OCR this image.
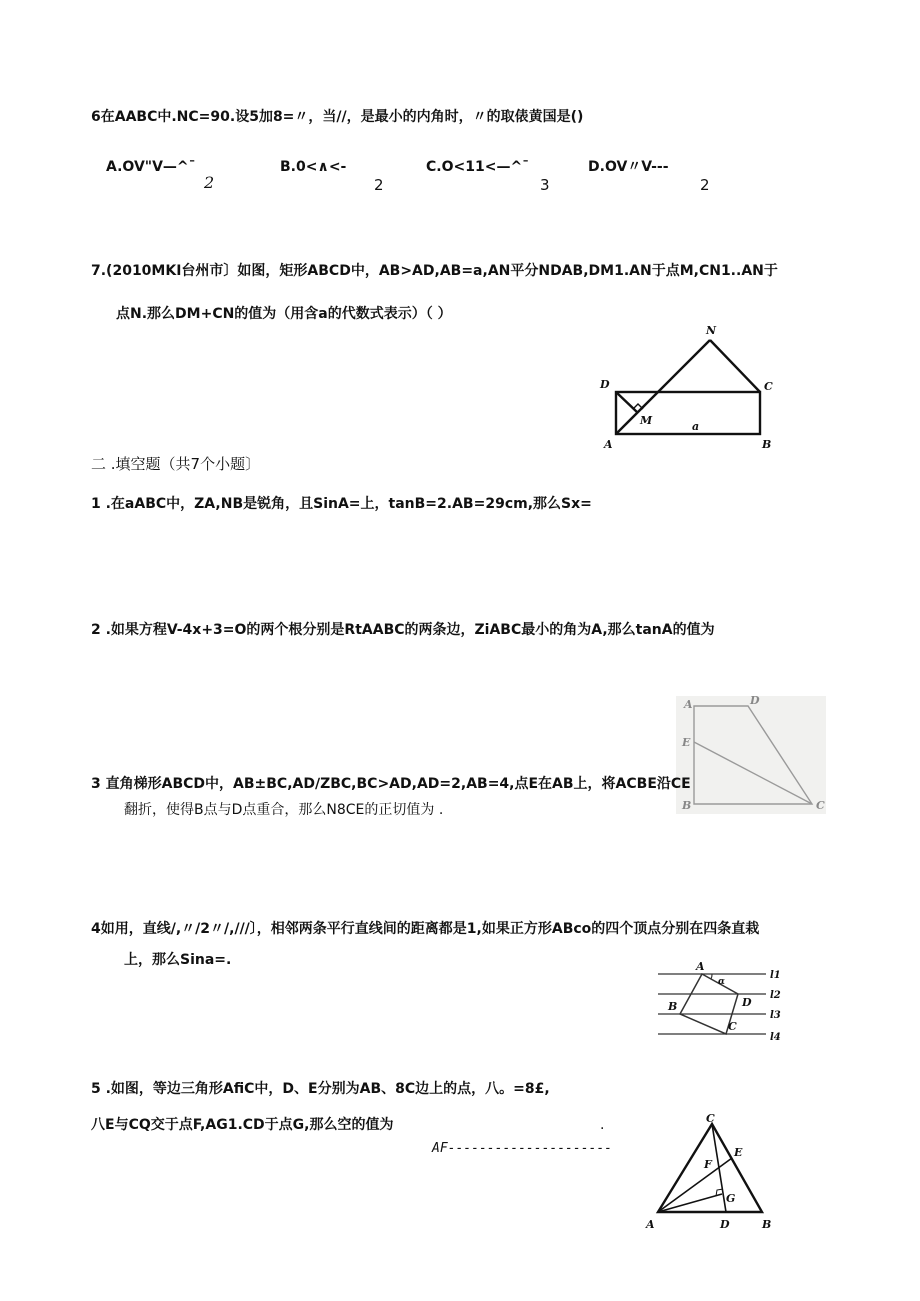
6在AABC中.NC=90.设5加8=〃，当//，是最小的内角时，〃的取俵黄国是()
A.OV"V—^¯
2
B.0<∧<-
2
C.O<11<—^¯
3
D.OV〃V---
2
7.(2010MKI台州市〕如图，矩形ABCD中，AB>AD,AB=a,AN平分NDAB,DM1.AN于点M,CN1..AN于
点N.那么DM+CN的值为（用含a的代数式表示）（ ）
N
D	C
M	a
A	B
二 .填空题（共7个小题〕
1 .在aABC中，ZA,NB是锐角，且SinA=上，tanB=2.AB=29cm,那么Sx=
2 .如果方程V-4x+3=O的两个根分别是RtAABC的两条边，ZiABC最小的角为A,那么tanA的值为
A	D
E
B	C
3 直角梯形ABCD中，AB±BC,AD∕ZBC,BC>AD,AD=2,AB=4,点E在AB上，将ACBE沿CE
翻折，使得B点与D点重合，那么N8CE的正切值为 .
4如用，直线/,〃/2〃/,///〕，相邻两条平行直线间的距离都是1,如果正方形ABco的四个顶点分别在四条直栽
上，那么Sina=.	A
α
D
B
C
l1
l2
l3
l4
5 .如图，等边三角形AfiC中，D、E分别为AB、8C边上的点，八。=8£,
八E与CQ交于点F,AG1.CD于点G,那么空的值为	.
AF---------------------
C
E
F
G
A	D	B
